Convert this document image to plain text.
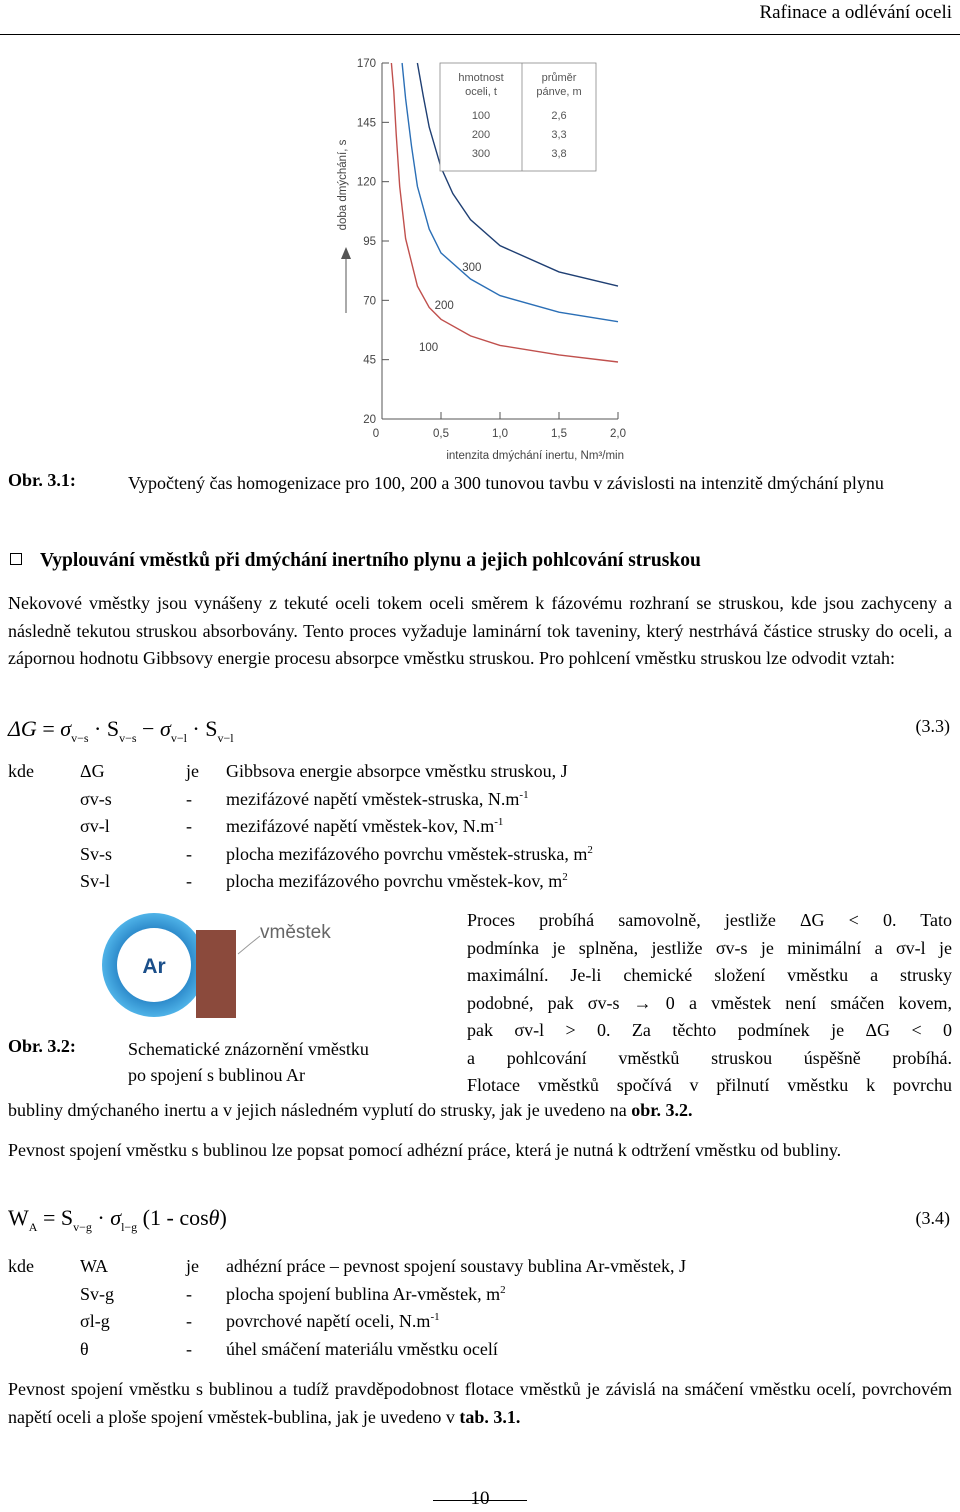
Rafinace a odlévání oceli
20
45
70
95
120
145
170
0	0,5	1,0	1,5	2,0
doba dmýchání, s
intenzita dmýchání inertu, Nm³/min
100
200
300
hmotnost oceli, t
průměr pánve, m
100	2,6
200	3,3
300	3,8
Obr. 3.1:	Vypočtený čas homogenizace pro 100, 200 a 300 tunovou tavbu v závislosti na intenzitě dmýchání plynu
Vyplouvání vměstků při dmýchání inertního plynu a jejich pohlcování struskou

Nekovové vměstky jsou vynášeny z tekuté oceli tokem oceli směrem k fázovému rozhraní se struskou, kde jsou zachyceny a následně tekutou struskou absorbovány. Tento proces vyžaduje laminární tok taveniny, který nestrhává částice strusky do oceli, a zápornou hodnotu Gibbsovy energie procesu absorpce vměstku struskou. Pro pohlcení vměstku struskou lze odvodit vztah:

$\Delta G = \sigma_{v-s} \cdot S_{v-s} - \sigma_{v-l} \cdot S_{v-l}$
(3.3)
kde	ΔG	je	Gibbsova energie absorpce vměstku struskou, J
	σv-s	-	mezifázové napětí vměstek-struska, $N.m^{-1}$
	σv-l	-	mezifázové napětí vměstek-kov, $N.m^{-1}$
	Sv-s	-	plocha mezifázového povrchu vměstek-struska, $m^2$
	Sv-l	-	plocha mezifázového povrchu vměstek-kov, $m^2$
Ar
vměstek
Obr. 3.2:	Schematické znázornění vměstku
po spojení s bublinou Ar
Proces probíhá samovolně, jestliže ΔG < 0. Tato
podmínka je splněna, jestliže σv-s je minimální a σv-l je
maximální. Je-li chemické složení vměstku a strusky
podobné, pak σv-s → 0 a vměstek není smáčen kovem,
pak σv-l > 0. Za těchto podmínek je ΔG < 0
a pohlcování vměstků struskou úspěšně probíhá.
Flotace vměstků spočívá v přilnutí vměstku k povrchu
bubliny dmýchaného inertu a v jejich následném vyplutí do strusky, jak je uvedeno na obr. 3.2.

Pevnost spojení vměstku s bublinou lze popsat pomocí adhézní práce, která je nutná k odtržení vměstku od bubliny.

$W_A = S_{v-g} \cdot \sigma_{l-g}$ (1 - cosθ)	(3.4)
kde	WA	je	adhézní práce – pevnost spojení soustavy bublina Ar-vměstek, J
	Sv-g	-	plocha spojení bublina Ar-vměstek, $m^2$
	σl-g	-	povrchové napětí oceli, $N.m^{-1}$
	θ	-	úhel smáčení materiálu vměstku ocelí

Pevnost spojení vměstku s bublinou a tudíž pravděpodobnost flotace vměstků je závislá na smáčení vměstku ocelí, povrchovém napětí oceli a ploše spojení vměstek-bublina, jak je uvedeno v tab. 3.1.

10
